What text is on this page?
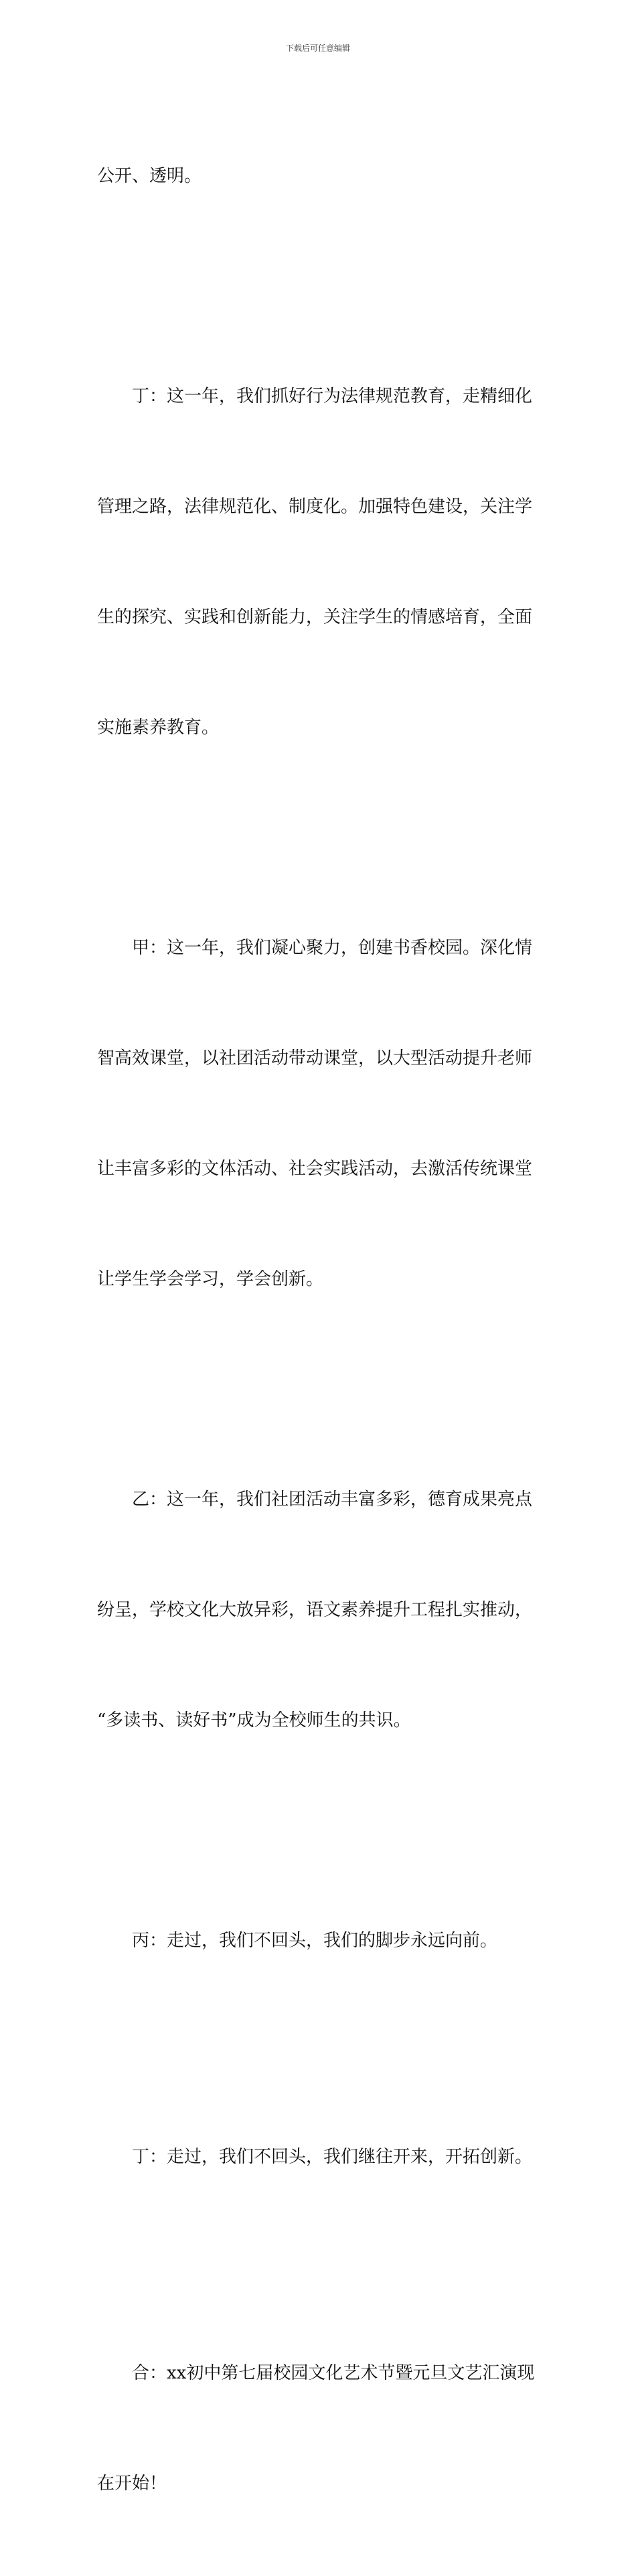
下载后可任意编辑

公开、透明。

丁：这一年，我们抓好行为法律规范教育，走精细化

管理之路，法律规范化、制度化。加强特色建设，关注学

生的探究、实践和创新能力，关注学生的情感培育，全面

实施素养教育。

甲：这一年，我们凝心聚力，创建书香校园。深化情

智高效课堂，以社团活动带动课堂，以大型活动提升老师

让丰富多彩的文体活动、社会实践活动，去激活传统课堂

让学生学会学习，学会创新。

乙：这一年，我们社团活动丰富多彩，德育成果亮点

纷呈，学校文化大放异彩，语文素养提升工程扎实推动，

“多读书、读好书”成为全校师生的共识。

丙：走过，我们不回头，我们的脚步永远向前。

丁：走过，我们不回头，我们继往开来，开拓创新。

合：xx初中第七届校园文化艺术节暨元旦文艺汇演现

在开始！
